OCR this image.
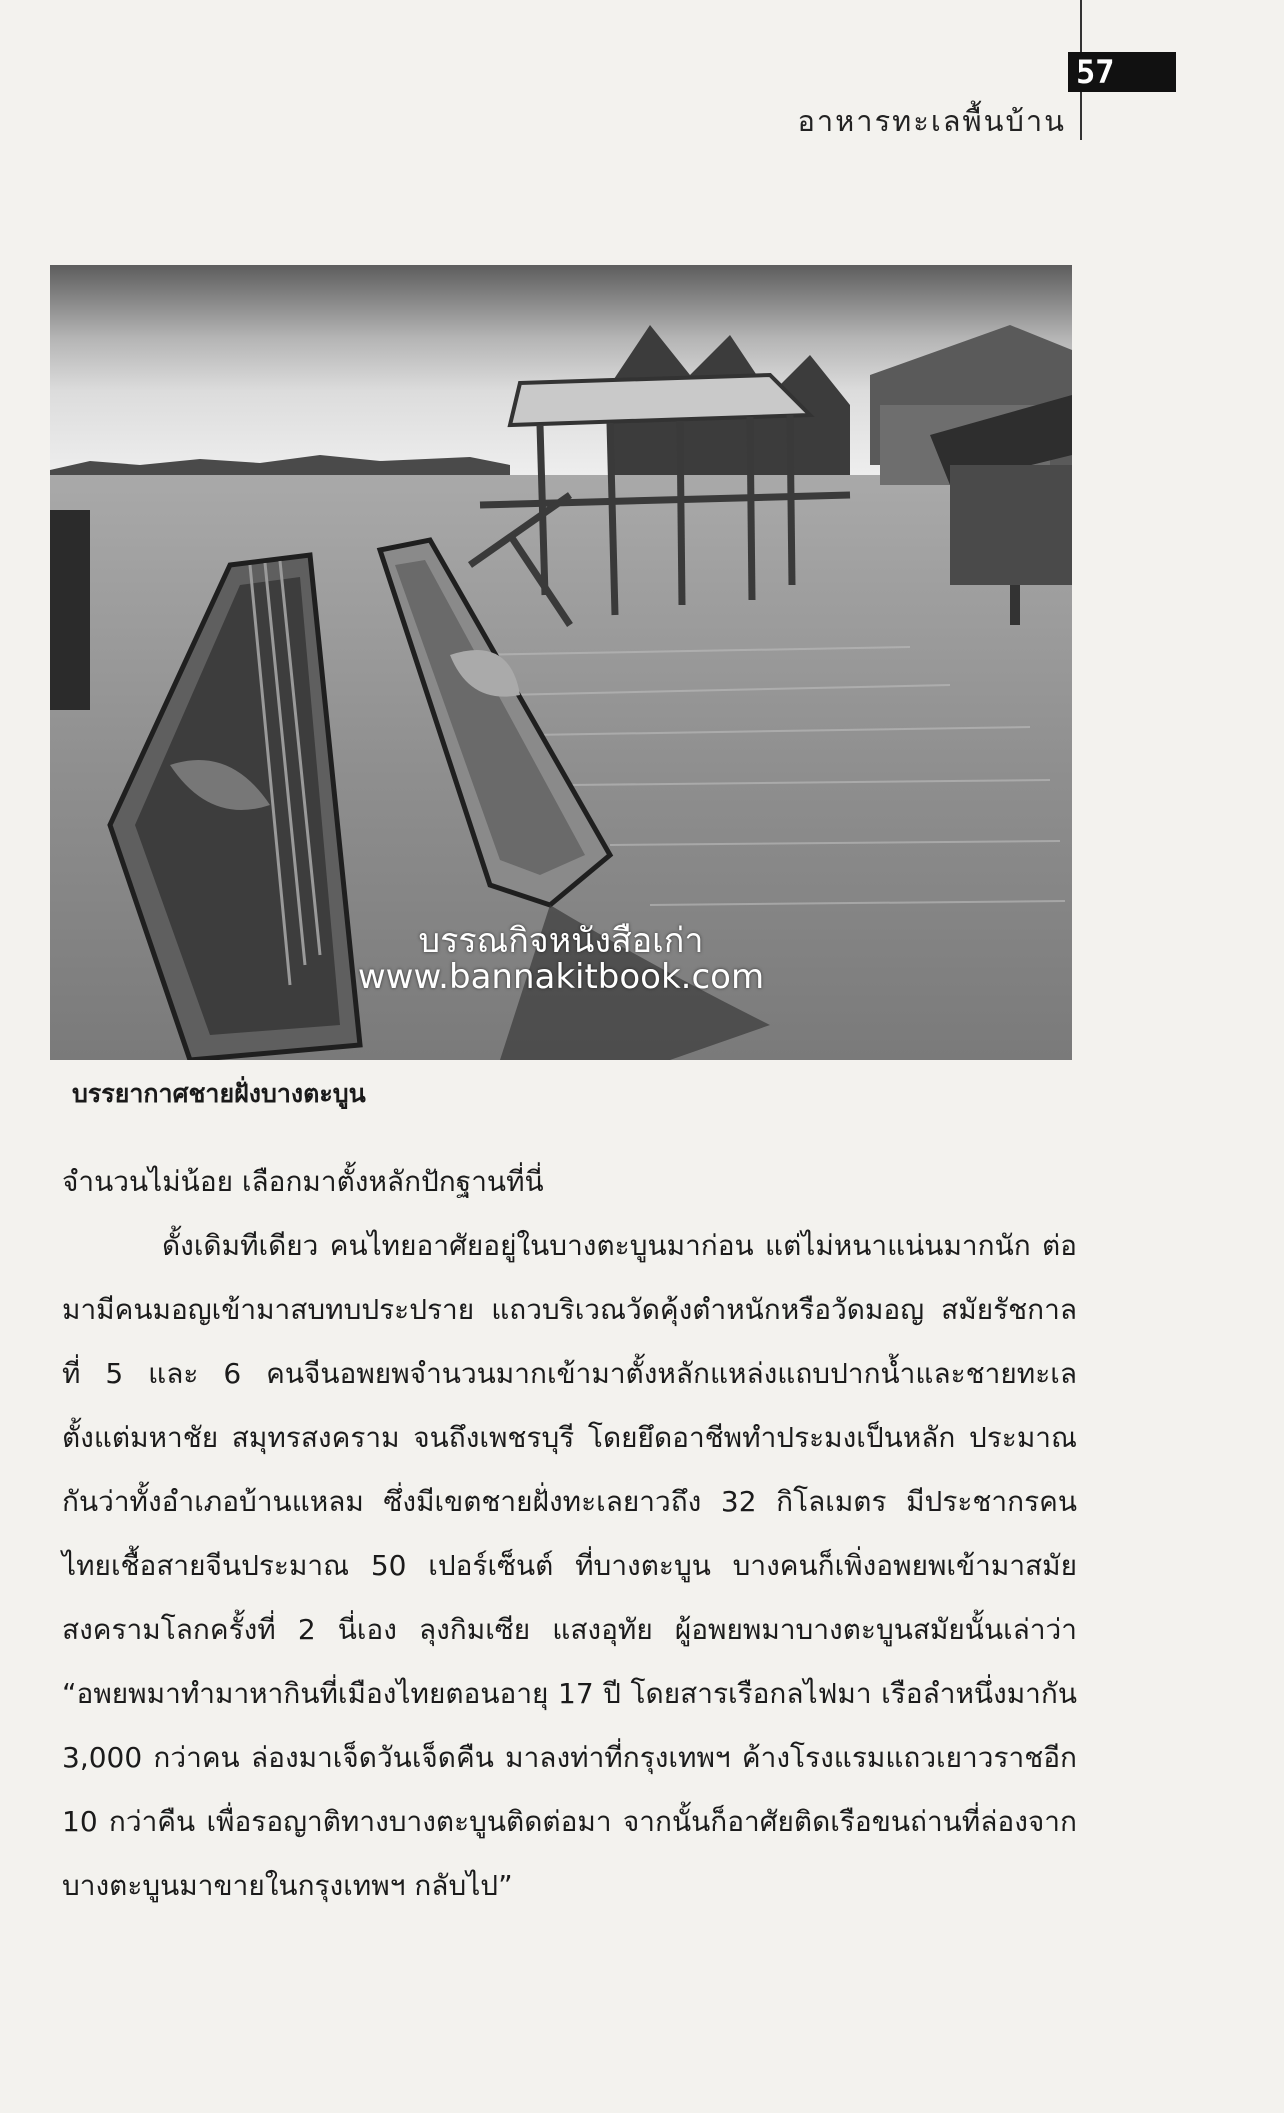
57
อาหารทะเลพื้นบ้าน
บรรณกิจหนังสือเก่า
www.bannakitbook.com
บรรยากาศชายฝั่งบางตะบูน

จำนวนไม่น้อย เลือกมาตั้งหลักปักฐานที่นี่

ดั้งเดิมทีเดียว คนไทยอาศัยอยู่ในบางตะบูนมาก่อน แต่ไม่หนาแน่นมากนัก ต่อมามีคนมอญเข้ามาสบทบประปราย แถวบริเวณวัดคุ้งตำหนักหรือวัดมอญ สมัยรัชกาลที่ 5 และ 6 คนจีนอพยพจำนวนมากเข้ามาตั้งหลักแหล่งแถบปากน้ำและชายทะเล ตั้งแต่มหาชัย สมุทรสงคราม จนถึงเพชรบุรี โดยยึดอาชีพทำประมงเป็นหลัก ประมาณกันว่าทั้งอำเภอบ้านแหลม ซึ่งมีเขตชายฝั่งทะเลยาวถึง 32 กิโลเมตร มีประชากรคนไทยเชื้อสายจีนประมาณ 50 เปอร์เซ็นต์ ที่บางตะบูน บางคนก็เพิ่งอพยพเข้ามาสมัยสงครามโลกครั้งที่ 2 นี่เอง ลุงกิมเซีย แสงอุทัย ผู้อพยพมาบางตะบูนสมัยนั้นเล่าว่า “อพยพมาทำมาหากินที่เมืองไทยตอนอายุ 17 ปี โดยสารเรือกลไฟมา เรือลำหนึ่งมากัน 3,000 กว่าคน ล่องมาเจ็ดวันเจ็ดคืน มาลงท่าที่กรุงเทพฯ ค้างโรงแรมแถวเยาวราชอีก 10 กว่าคืน เพื่อรอญาติทางบางตะบูนติดต่อมา จากนั้นก็อาศัยติดเรือขนถ่านที่ล่องจากบางตะบูนมาขายในกรุงเทพฯ กลับไป”
